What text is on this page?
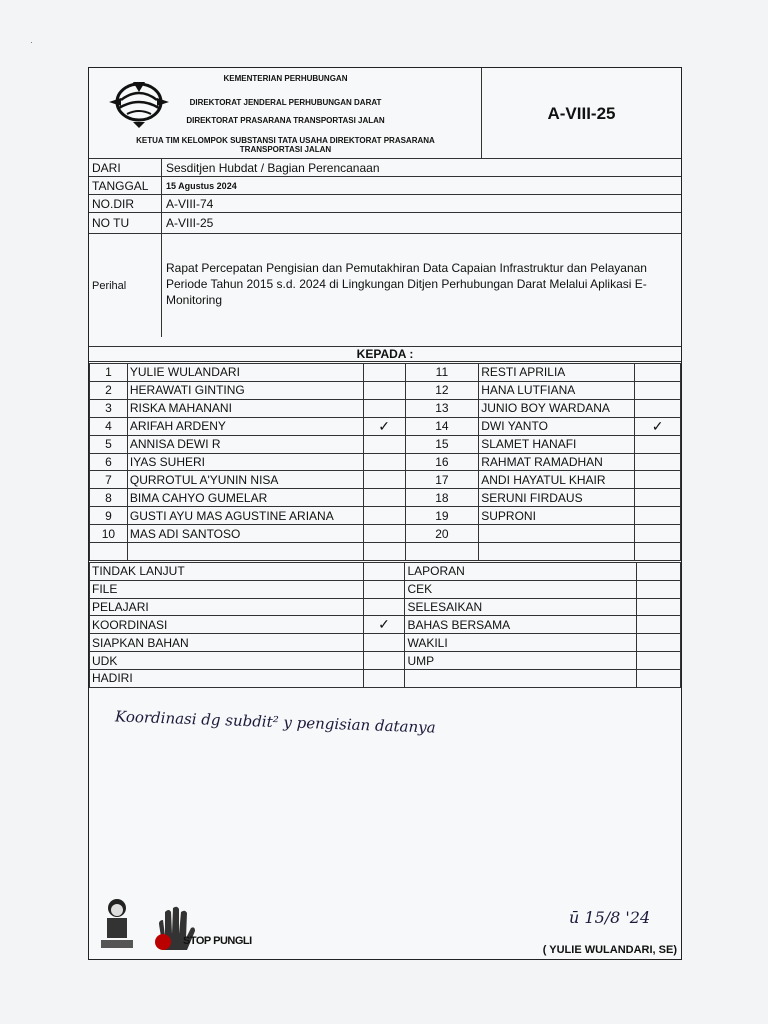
·
KEMENTERIAN PERHUBUNGAN
DIREKTORAT JENDERAL PERHUBUNGAN DARAT
DIREKTORAT PRASARANA TRANSPORTASI JALAN
KETUA TIM KELOMPOK SUBSTANSI TATA USAHA DIREKTORAT PRASARANA
TRANSPORTASI JALAN
A-VIII-25
DARI	Sesditjen Hubdat / Bagian Perencanaan
TANGGAL	15 Agustus 2024
NO.DIR	A-VIII-74
NO TU	A-VIII-25
Perihal
Rapat Percepatan Pengisian dan Pemutakhiran Data Capaian Infrastruktur dan Pelayanan Periode Tahun 2015 s.d. 2024 di Lingkungan Ditjen Perhubungan Darat Melalui Aplikasi E-Monitoring
KEPADA :
1	YULIE WULANDARI		11	RESTI APRILIA	
2	HERAWATI GINTING		12	HANA LUTFIANA	
3	RISKA MAHANANI		13	JUNIO BOY WARDANA	
4	ARIFAH ARDENY	✓	14	DWI YANTO	✓
5	ANNISA DEWI R		15	SLAMET HANAFI	
6	IYAS SUHERI		16	RAHMAT RAMADHAN	
7	QURROTUL A'YUNIN NISA		17	ANDI HAYATUL KHAIR	
8	BIMA CAHYO GUMELAR		18	SERUNI FIRDAUS	
9	GUSTI AYU MAS AGUSTINE ARIANA		19	SUPRONI	
10	MAS ADI SANTOSO		20		

TINDAK LANJUT		LAPORAN	
FILE		CEK	
PELAJARI		SELESAIKAN	
KOORDINASI	✓	BAHAS BERSAMA	
SIAPKAN BAHAN		WAKILI	
UDK		UMP	
HADIRI			
Koordinasi dg subdit² y pengisian datanya
STOP PUNGLI
ū 15/8 '24
( YULIE WULANDARI, SE)
